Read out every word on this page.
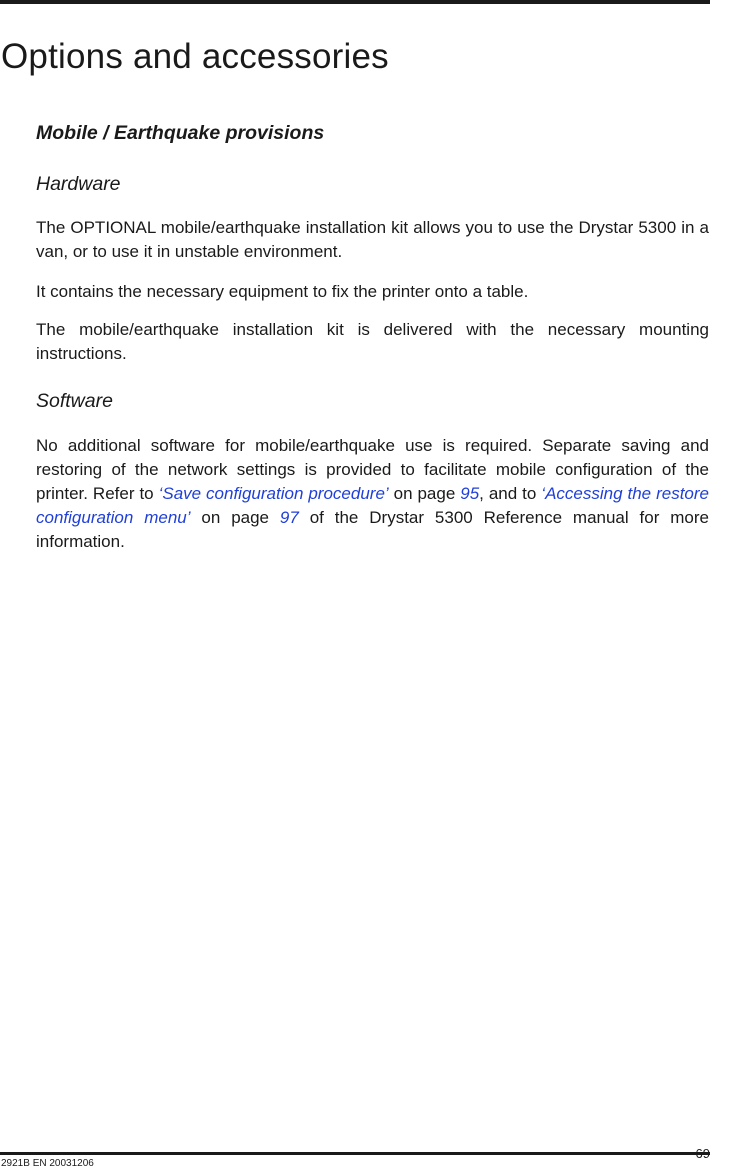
Options and accessories
Mobile / Earthquake provisions
Hardware

The OPTIONAL mobile/earthquake installation kit allows you to use the Drystar 5300 in a van, or to use it in unstable environment.

It contains the necessary equipment to fix the printer onto a table.

The mobile/earthquake installation kit is delivered with the necessary mounting instructions.

Software

No additional software for mobile/earthquake use is required. Separate saving and restoring of the network settings is provided to facilitate mobile configuration of the printer. Refer to ‘Save configuration procedure’ on page 95, and to ‘Accessing the restore configuration menu’ on page 97 of the Drystar 5300 Reference manual for more information.

69
2921B EN 20031206
